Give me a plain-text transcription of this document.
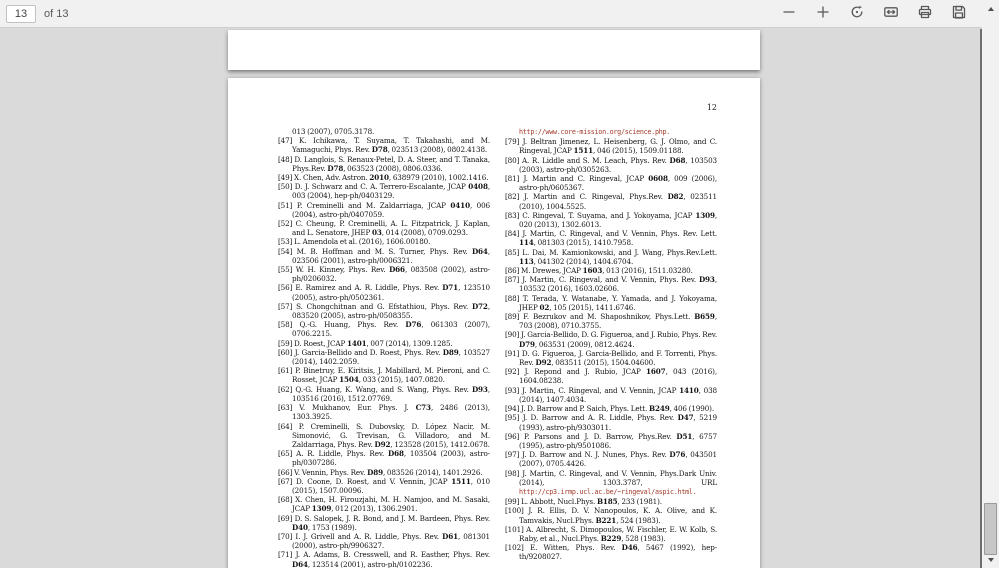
13
of 13
12
013 (2007), 0705.3178.
[47] K. Ichikawa, T. Suyama, T. Takahashi, and M. Yamaguchi, Phys. Rev. D78, 023513 (2008), 0802.4138.
[48] D. Langlois, S. Renaux-Petel, D. A. Steer, and T. Tanaka, Phys.Rev. D78, 063523 (2008), 0806.0336.
[49] X. Chen, Adv. Astron. 2010, 638979 (2010), 1002.1416.
[50] D. J. Schwarz and C. A. Terrero-Escalante, JCAP 0408, 003 (2004), hep-ph/0403129.
[51] P. Creminelli and M. Zaldarriaga, JCAP 0410, 006 (2004), astro-ph/0407059.
[52] C. Cheung, P. Creminelli, A. L. Fitzpatrick, J. Kaplan, and L. Senatore, JHEP 03, 014 (2008), 0709.0293.
[53] L. Amendola et al. (2016), 1606.00180.
[54] M. B. Hoffman and M. S. Turner, Phys. Rev. D64, 023506 (2001), astro-ph/0006321.
[55] W. H. Kinney, Phys. Rev. D66, 083508 (2002), astro-ph/0206032.
[56] E. Ramirez and A. R. Liddle, Phys. Rev. D71, 123510 (2005), astro-ph/0502361.
[57] S. Chongchitnan and G. Efstathiou, Phys. Rev. D72, 083520 (2005), astro-ph/0508355.
[58] Q.-G. Huang, Phys. Rev. D76, 061303 (2007), 0706.2215.
[59] D. Roest, JCAP 1401, 007 (2014), 1309.1285.
[60] J. Garcia-Bellido and D. Roest, Phys. Rev. D89, 103527 (2014), 1402.2059.
[61] P. Binetruy, E. Kiritsis, J. Mabillard, M. Pieroni, and C. Rosset, JCAP 1504, 033 (2015), 1407.0820.
[62] Q.-G. Huang, K. Wang, and S. Wang, Phys. Rev. D93, 103516 (2016), 1512.07769.
[63] V. Mukhanov, Eur. Phys. J. C73, 2486 (2013), 1303.3925.
[64] P. Creminelli, S. Dubovsky, D. López Nacir, M. Simonović, G. Trevisan, G. Villadoro, and M. Zaldarriaga, Phys. Rev. D92, 123528 (2015), 1412.0678.
[65] A. R. Liddle, Phys. Rev. D68, 103504 (2003), astro-ph/0307286.
[66] V. Vennin, Phys. Rev. D89, 083526 (2014), 1401.2926.
[67] D. Coone, D. Roest, and V. Vennin, JCAP 1511, 010 (2015), 1507.00096.
[68] X. Chen, H. Firouzjahi, M. H. Namjoo, and M. Sasaki, JCAP 1309, 012 (2013), 1306.2901.
[69] D. S. Salopek, J. R. Bond, and J. M. Bardeen, Phys. Rev. D40, 1753 (1989).
[70] I. J. Grivell and A. R. Liddle, Phys. Rev. D61, 081301 (2000), astro-ph/9906327.
[71] J. A. Adams, B. Cresswell, and R. Easther, Phys. Rev. D64, 123514 (2001), astro-ph/0102236.
http://www.core-mission.org/science.php.
[79] J. Beltran Jimenez, L. Heisenberg, G. J. Olmo, and C. Ringeval, JCAP 1511, 046 (2015), 1509.01188.
[80] A. R. Liddle and S. M. Leach, Phys. Rev. D68, 103503 (2003), astro-ph/0305263.
[81] J. Martin and C. Ringeval, JCAP 0608, 009 (2006), astro-ph/0605367.
[82] J. Martin and C. Ringeval, Phys.Rev. D82, 023511 (2010), 1004.5525.
[83] C. Ringeval, T. Suyama, and J. Yokoyama, JCAP 1309, 020 (2013), 1302.6013.
[84] J. Martin, C. Ringeval, and V. Vennin, Phys. Rev. Lett. 114, 081303 (2015), 1410.7958.
[85] L. Dai, M. Kamionkowski, and J. Wang, Phys.Rev.Lett. 113, 041302 (2014), 1404.6704.
[86] M. Drewes, JCAP 1603, 013 (2016), 1511.03280.
[87] J. Martin, C. Ringeval, and V. Vennin, Phys. Rev. D93, 103532 (2016), 1603.02606.
[88] T. Terada, Y. Watanabe, Y. Yamada, and J. Yokoyama, JHEP 02, 105 (2015), 1411.6746.
[89] F. Bezrukov and M. Shaposhnikov, Phys.Lett. B659, 703 (2008), 0710.3755.
[90] J. Garcia-Bellido, D. G. Figueroa, and J. Rubio, Phys. Rev. D79, 063531 (2009), 0812.4624.
[91] D. G. Figueroa, J. Garcia-Bellido, and F. Torrenti, Phys. Rev. D92, 083511 (2015), 1504.04600.
[92] J. Repond and J. Rubio, JCAP 1607, 043 (2016), 1604.08238.
[93] J. Martin, C. Ringeval, and V. Vennin, JCAP 1410, 038 (2014), 1407.4034.
[94] J. D. Barrow and P. Saich, Phys. Lett. B249, 406 (1990).
[95] J. D. Barrow and A. R. Liddle, Phys. Rev. D47, 5219 (1993), astro-ph/9303011.
[96] P. Parsons and J. D. Barrow, Phys.Rev. D51, 6757 (1995), astro-ph/9501086.
[97] J. D. Barrow and N. J. Nunes, Phys. Rev. D76, 043501 (2007), 0705.4426.
[98] J. Martin, C. Ringeval, and V. Vennin, Phys.Dark Univ. (2014), 1303.3787, URL http://cp3.irmp.ucl.ac.be/~ringeval/aspic.html.
[99] L. Abbott, Nucl.Phys. B185, 233 (1981).
[100] J. R. Ellis, D. V. Nanopoulos, K. A. Olive, and K. Tamvakis, Nucl.Phys. B221, 524 (1983).
[101] A. Albrecht, S. Dimopoulos, W. Fischler, E. W. Kolb, S. Raby, et al., Nucl.Phys. B229, 528 (1983).
[102] E. Witten, Phys. Rev. D46, 5467 (1992), hep-th/9208027.
